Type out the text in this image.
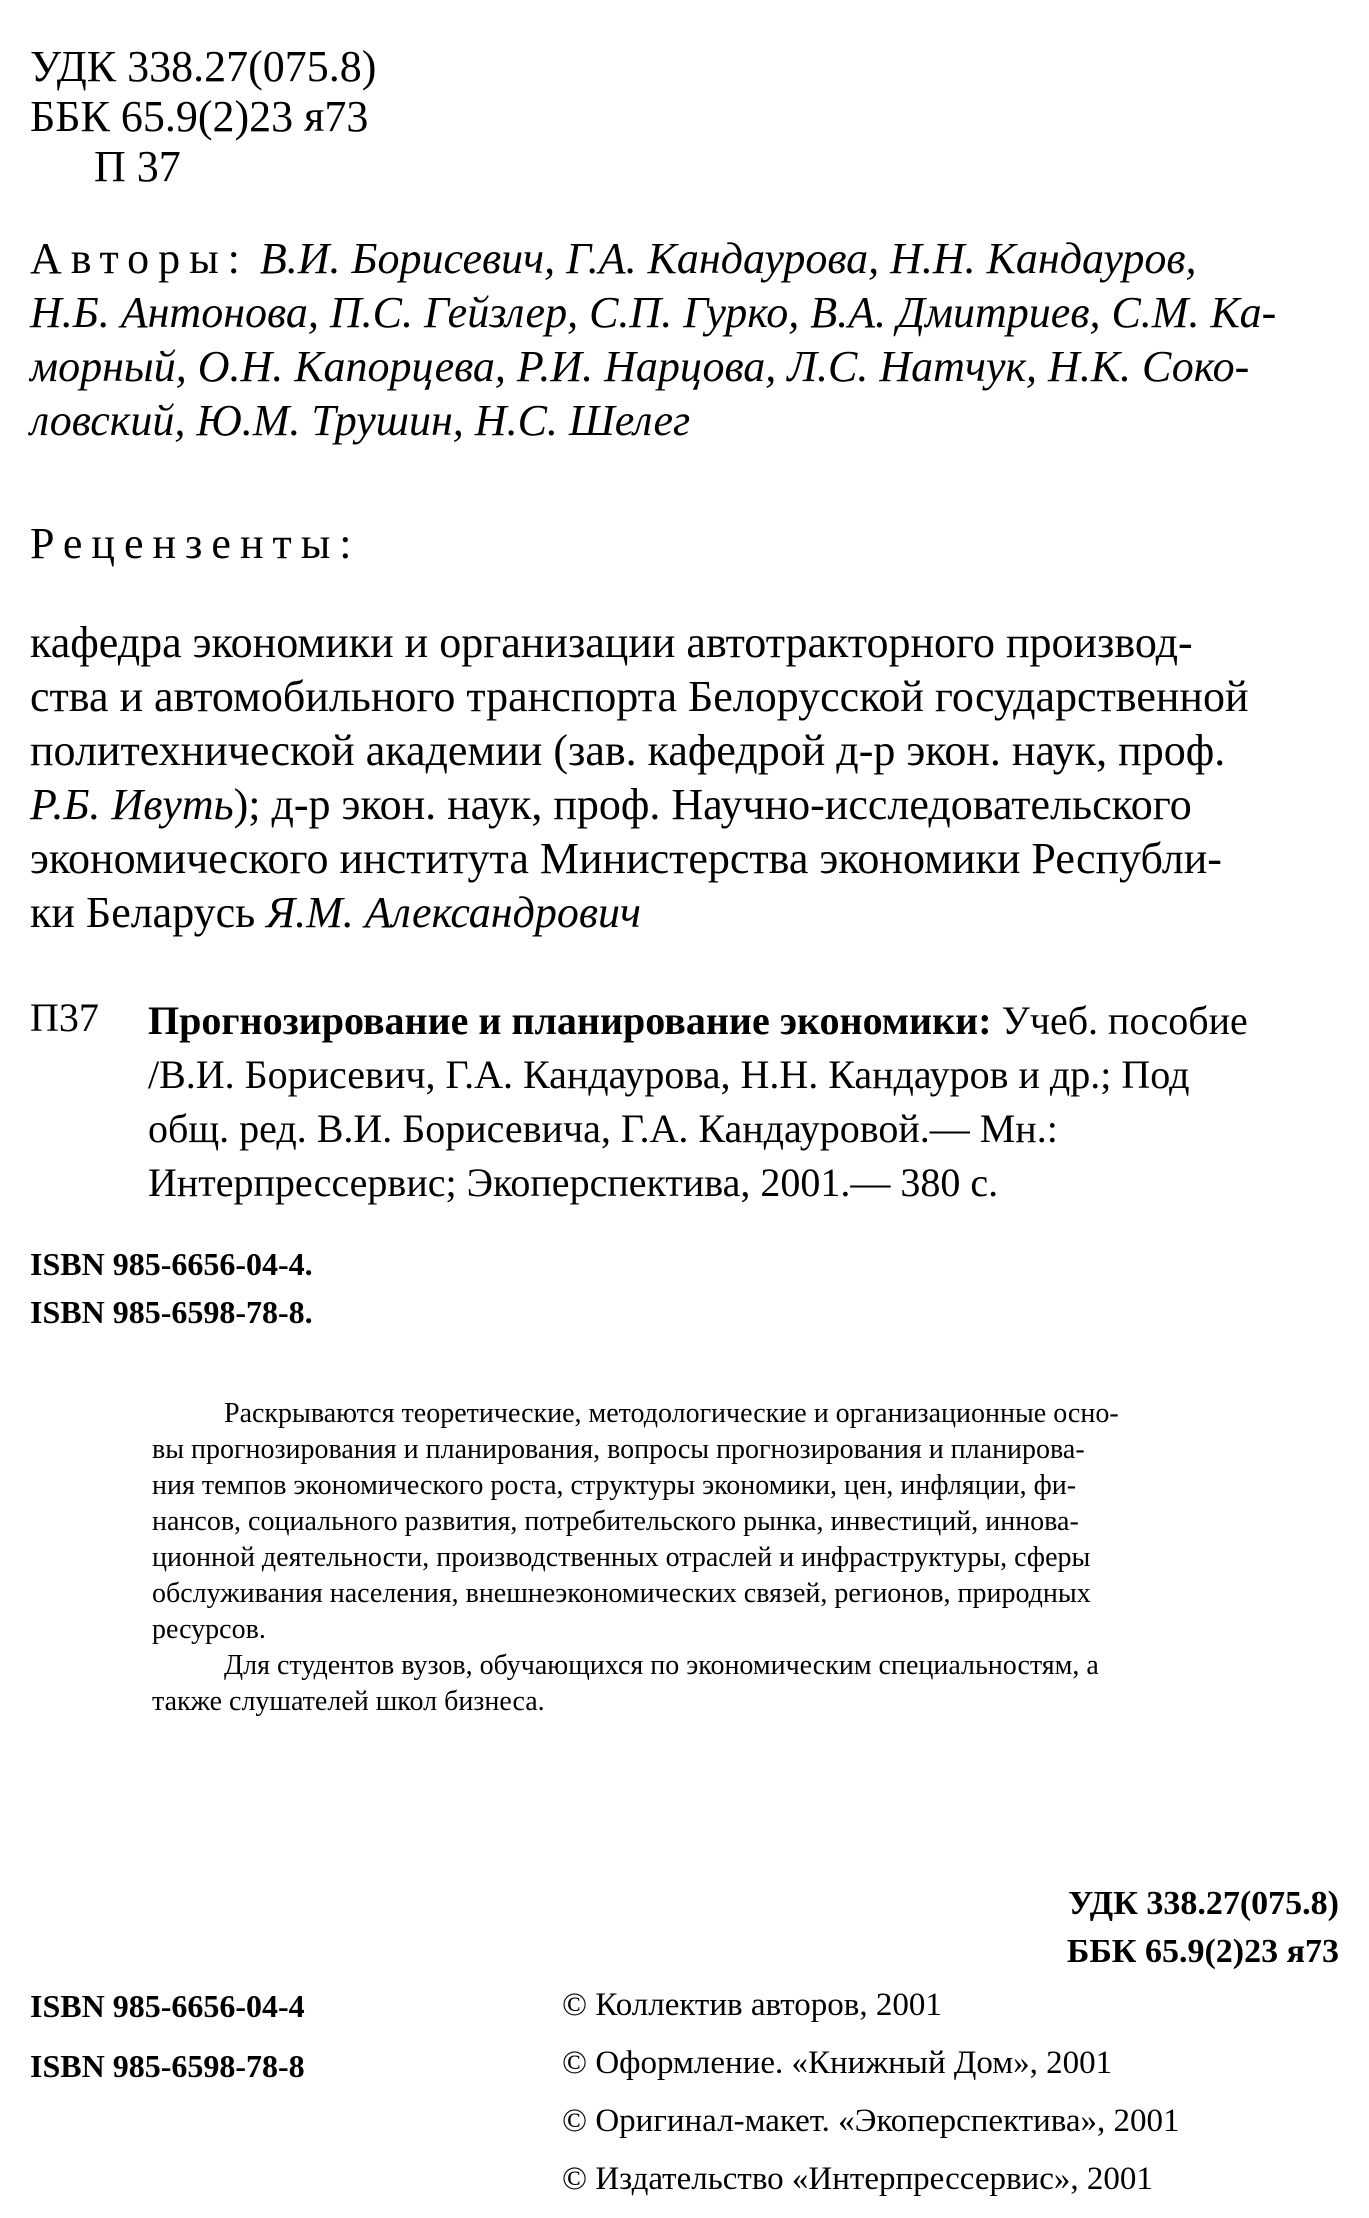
УДК 338.27(075.8)
ББК 65.9(2)23 я73
П 37
Авторы: В.И. Борисевич, Г.А. Кандаурова, Н.Н. Кандауров,
Н.Б. Антонова, П.С. Гейзлер, С.П. Гурко, В.А. Дмитриев, С.М. Ка-
морный, О.Н. Капорцева, Р.И. Нарцова, Л.С. Натчук, Н.К. Соко-
ловский, Ю.М. Трушин, Н.С. Шелег
Рецензенты:
кафедра экономики и организации автотракторного производ-
ства и автомобильного транспорта Белорусской государственной
политехнической академии (зав. кафедрой д-р экон. наук, проф.
Р.Б. Ивуть); д-р экон. наук, проф. Научно-исследовательского
экономического института Министерства экономики Республи-
ки Беларусь Я.М. Александрович
П37 Прогнозирование и планирование экономики: Учеб. пособие
/В.И. Борисевич, Г.А. Кандаурова, Н.Н. Кандауров и др.; Под
общ. ред. В.И. Борисевича, Г.А. Кандауровой.— Мн.:
Интерпрессервис; Экоперспектива, 2001.— 380 с.
ISBN 985-6656-04-4.
ISBN 985-6598-78-8.
Раскрываются теоретические, методологические и организационные осно-
вы прогнозирования и планирования, вопросы прогнозирования и планирова-
ния темпов экономического роста, структуры экономики, цен, инфляции, фи-
нансов, социального развития, потребительского рынка, инвестиций, иннова-
ционной деятельности, производственных отраслей и инфраструктуры, сферы
обслуживания населения, внешнеэкономических связей, регионов, природных
ресурсов.
Для студентов вузов, обучающихся по экономическим специальностям, а
также слушателей школ бизнеса.
УДК 338.27(075.8)
ББК 65.9(2)23 я73
ISBN 985-6656-04-4
ISBN 985-6598-78-8
© Коллектив авторов, 2001
© Оформление. «Книжный Дом», 2001
© Оригинал-макет. «Экоперспектива», 2001
© Издательство «Интерпрессервис», 2001
